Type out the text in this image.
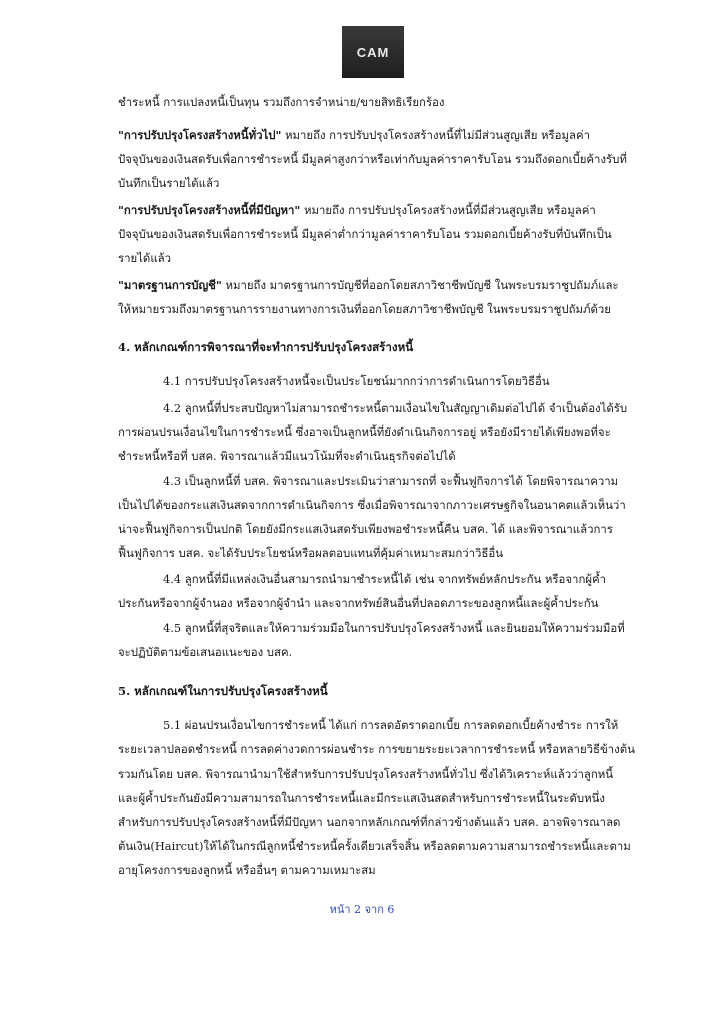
CAM
ชำระหนี้ การแปลงหนี้เป็นทุน รวมถึงการจำหน่าย/ขายสิทธิเรียกร้อง
"การปรับปรุงโครงสร้างหนี้ทั่วไป" หมายถึง การปรับปรุงโครงสร้างหนี้ที่ไม่มีส่วนสูญเสีย หรือมูลค่า
ปัจจุบันของเงินสดรับเพื่อการชำระหนี้ มีมูลค่าสูงกว่าหรือเท่ากับมูลค่าราคารับโอน รวมถึงดอกเบี้ยค้างรับที่
บันทึกเป็นรายได้แล้ว
"การปรับปรุงโครงสร้างหนี้ที่มีปัญหา" หมายถึง การปรับปรุงโครงสร้างหนี้ที่มีส่วนสูญเสีย หรือมูลค่า
ปัจจุบันของเงินสดรับเพื่อการชำระหนี้ มีมูลค่าต่ำกว่ามูลค่าราคารับโอน รวมดอกเบี้ยค้างรับที่บันทึกเป็น
รายได้แล้ว
"มาตรฐานการบัญชี" หมายถึง มาตรฐานการบัญชีที่ออกโดยสภาวิชาชีพบัญชี ในพระบรมราชูปถัมภ์และ
ให้หมายรวมถึงมาตรฐานการรายงานทางการเงินที่ออกโดยสภาวิชาชีพบัญชี ในพระบรมราชูปถัมภ์ด้วย
4. หลักเกณฑ์การพิจารณาที่จะทำการปรับปรุงโครงสร้างหนี้
4.1 การปรับปรุงโครงสร้างหนี้จะเป็นประโยชน์มากกว่าการดำเนินการโดยวิธีอื่น
4.2 ลูกหนี้ที่ประสบปัญหาไม่สามารถชำระหนี้ตามเงื่อนไขในสัญญาเดิมต่อไปได้ จำเป็นต้องได้รับ
การผ่อนปรนเงื่อนไขในการชำระหนี้ ซึ่งอาจเป็นลูกหนี้ที่ยังดำเนินกิจการอยู่ หรือยังมีรายได้เพียงพอที่จะ
ชำระหนี้หรือที่ บสค. พิจารณาแล้วมีแนวโน้มที่จะดำเนินธุรกิจต่อไปได้
4.3 เป็นลูกหนี้ที่ บสค. พิจารณาและประเมินว่าสามารถที่ จะฟื้นฟูกิจการได้ โดยพิจารณาความ
เป็นไปได้ของกระแสเงินสดจากการดำเนินกิจการ ซึ่งเมื่อพิจารณาจากภาวะเศรษฐกิจในอนาคตแล้วเห็นว่า
น่าจะฟื้นฟูกิจการเป็นปกติ โดยยังมีกระแสเงินสดรับเพียงพอชำระหนี้คืน บสค. ได้ และพิจารณาแล้วการ
ฟื้นฟูกิจการ บสค. จะได้รับประโยชน์หรือผลตอบแทนที่คุ้มค่าเหมาะสมกว่าวิธีอื่น
4.4 ลูกหนี้ที่มีแหล่งเงินอื่นสามารถนำมาชำระหนี้ได้ เช่น จากทรัพย์หลักประกัน หรือจากผู้ค้ำ
ประกันหรือจากผู้จำนอง หรือจากผู้จำนำ และจากทรัพย์สินอื่นที่ปลอดภาระของลูกหนี้และผู้ค้ำประกัน
4.5 ลูกหนี้ที่สุจริตและให้ความร่วมมือในการปรับปรุงโครงสร้างหนี้ และยินยอมให้ความร่วมมือที่
จะปฏิบัติตามข้อเสนอแนะของ บสค.
5. หลักเกณฑ์ในการปรับปรุงโครงสร้างหนี้
5.1 ผ่อนปรนเงื่อนไขการชำระหนี้ ได้แก่ การลดอัตราดอกเบี้ย การลดดอกเบี้ยค้างชำระ การให้
ระยะเวลาปลอดชำระหนี้ การลดค่างวดการผ่อนชำระ การขยายระยะเวลาการชำระหนี้ หรือหลายวิธีข้างต้น
รวมกันโดย บสค. พิจารณานำมาใช้สำหรับการปรับปรุงโครงสร้างหนี้ทั่วไป ซึ่งได้วิเคราะห์แล้วว่าลูกหนี้
และผู้ค้ำประกันยังมีความสามารถในการชำระหนี้และมีกระแสเงินสดสำหรับการชำระหนี้ในระดับหนึ่ง
สำหรับการปรับปรุงโครงสร้างหนี้ที่มีปัญหา นอกจากหลักเกณฑ์ที่กล่าวข้างต้นแล้ว บสค. อาจพิจารณาลด
ต้นเงิน(Haircut)ให้ได้ในกรณีลูกหนี้ชำระหนี้ครั้งเดียวเสร็จสิ้น หรือลดตามความสามารถชำระหนี้และตาม
อายุโครงการของลูกหนี้ หรืออื่นๆ ตามความเหมาะสม
หน้า 2 จาก 6
